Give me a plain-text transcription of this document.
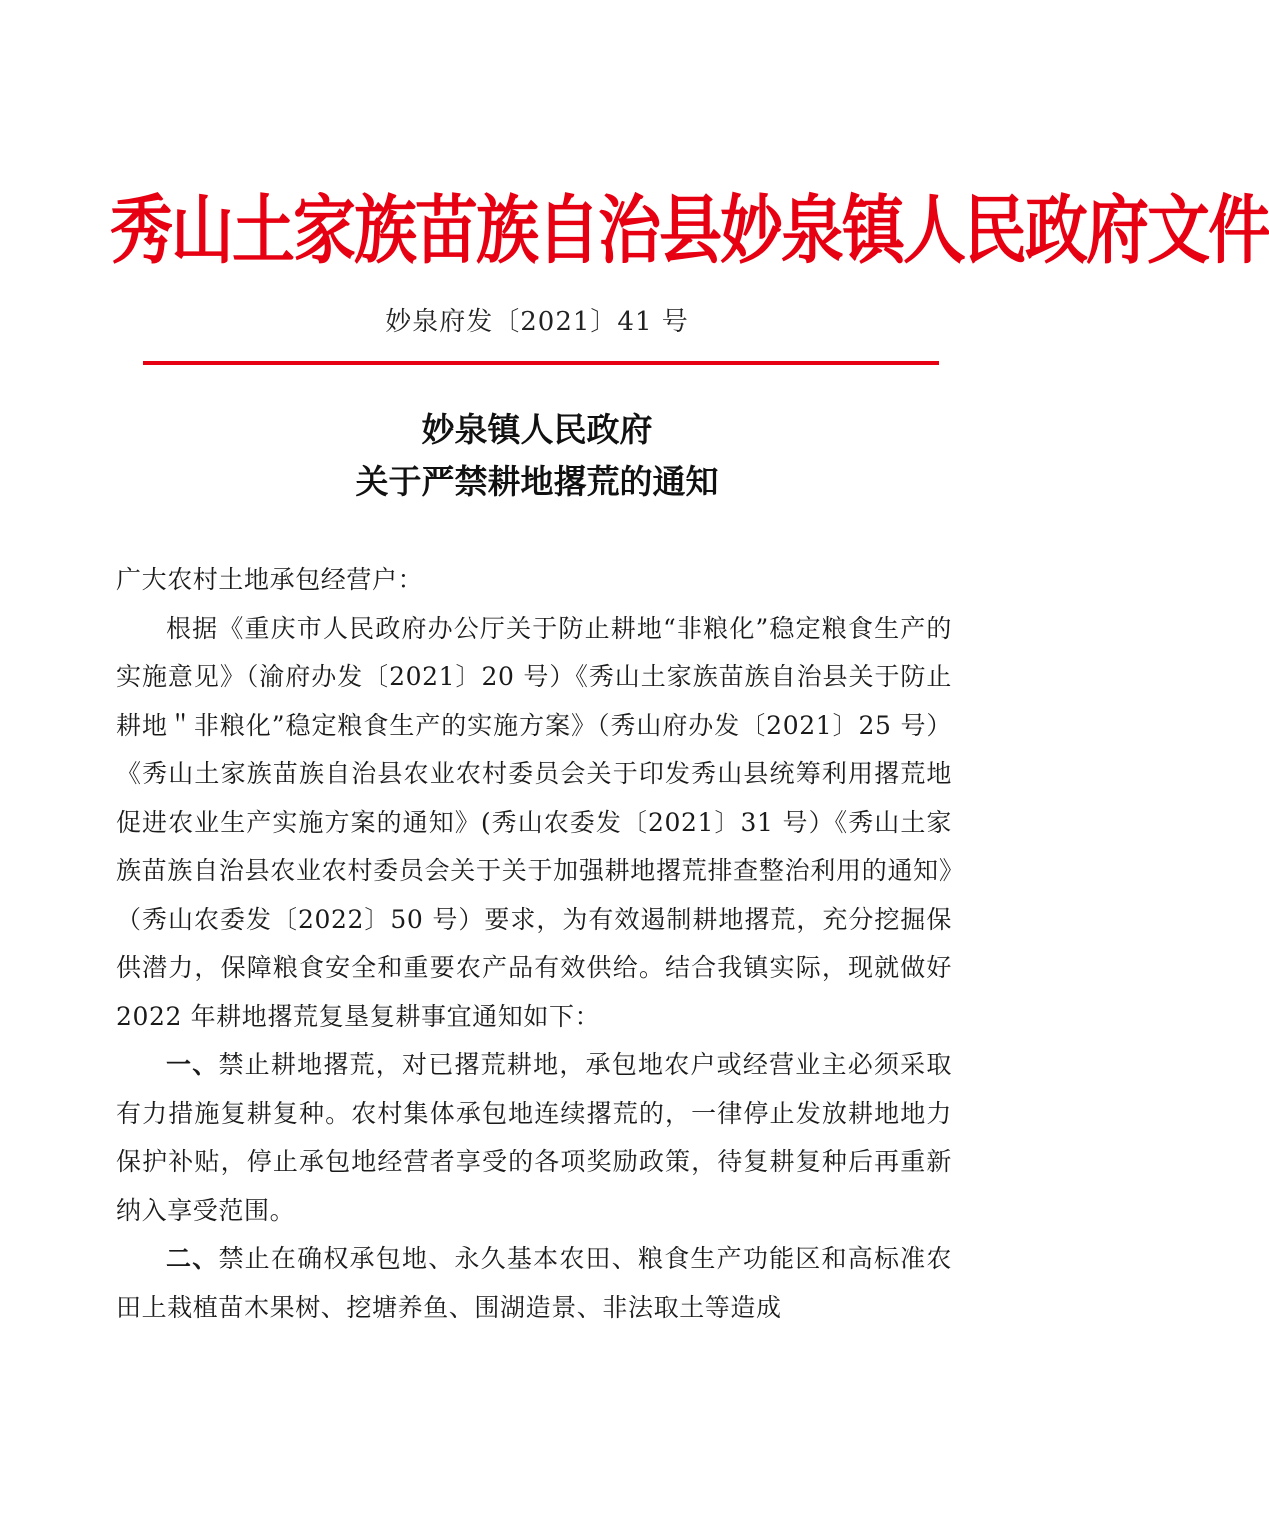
秀山土家族苗族自治县妙泉镇人民政府文件
妙泉府发〔2021〕41 号
妙泉镇人民政府
关于严禁耕地撂荒的通知

广大农村土地承包经营户：

根据《重庆市人民政府办公厅关于防止耕地“非粮化”稳定粮食生产的实施意见》（渝府办发〔2021〕20 号）《秀山土家族苗族自治县关于防止耕地＂非粮化”稳定粮食生产的实施方案》（秀山府办发〔2021〕25 号）《秀山土家族苗族自治县农业农村委员会关于印发秀山县统筹利用撂荒地促进农业生产实施方案的通知》(秀山农委发〔2021〕31 号）《秀山土家族苗族自治县农业农村委员会关于关于加强耕地撂荒排查整治利用的通知》（秀山农委发〔2022〕50 号）要求，为有效遏制耕地撂荒，充分挖掘保供潜力，保障粮食安全和重要农产品有效供给。结合我镇实际，现就做好 2022 年耕地撂荒复垦复耕事宜通知如下：

一、禁止耕地撂荒，对已撂荒耕地，承包地农户或经营业主必须采取有力措施复耕复种。农村集体承包地连续撂荒的，一律停止发放耕地地力保护补贴，停止承包地经营者享受的各项奖励政策，待复耕复种后再重新纳入享受范围。

二、禁止在确权承包地、永久基本农田、粮食生产功能区和高标准农田上栽植苗木果树、挖塘养鱼、围湖造景、非法取土等造成
